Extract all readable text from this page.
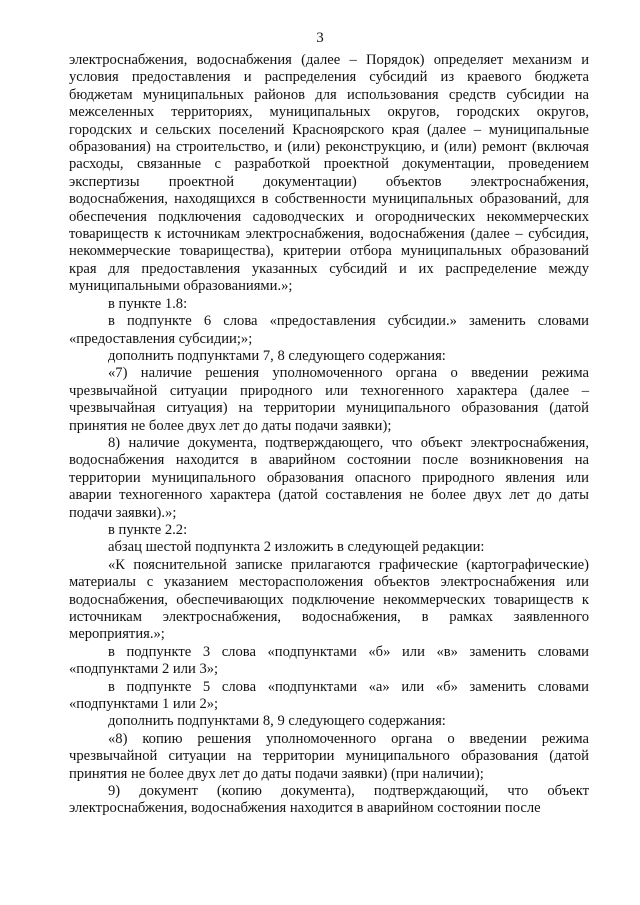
3

электроснабжения, водоснабжения (далее – Порядок) определяет механизм и условия предоставления и распределения субсидий из краевого бюджета бюджетам муниципальных районов для использования средств субсидии на межселенных территориях, муниципальных округов, городских округов, городских и сельских поселений Красноярского края (далее – муниципальные образования) на строительство, и (или) реконструкцию, и (или) ремонт (включая расходы, связанные с разработкой проектной документации, проведением экспертизы проектной документации) объектов электроснабжения, водоснабжения, находящихся в собственности муниципальных образований, для обеспечения подключения садоводческих и огороднических некоммерческих товариществ к источникам электроснабжения, водоснабжения (далее – субсидия, некоммерческие товарищества), критерии отбора муниципальных образований края для предоставления указанных субсидий и их распределение между муниципальными образованиями.»;

в пункте 1.8:

в подпункте 6 слова «предоставления субсидии.» заменить словами «предоставления субсидии;»;

дополнить подпунктами 7, 8 следующего содержания:

«7) наличие решения уполномоченного органа о введении режима чрезвычайной ситуации природного или техногенного характера (далее – чрезвычайная ситуация) на территории муниципального образования (датой принятия не более двух лет до даты подачи заявки);

8) наличие документа, подтверждающего, что объект электроснабжения, водоснабжения находится в аварийном состоянии после возникновения на территории муниципального образования опасного природного явления или аварии техногенного характера (датой составления не более двух лет до даты подачи заявки).»;

в пункте 2.2:

абзац шестой подпункта 2 изложить в следующей редакции:

«К пояснительной записке прилагаются графические (картографические) материалы с указанием месторасположения объектов электроснабжения или водоснабжения, обеспечивающих подключение некоммерческих товариществ к источникам электроснабжения, водоснабжения, в рамках заявленного мероприятия.»;

в подпункте 3 слова «подпунктами «б» или «в» заменить словами «подпунктами 2 или 3»;

в подпункте 5 слова «подпунктами «а» или «б» заменить словами «подпунктами 1 или 2»;

дополнить подпунктами 8, 9 следующего содержания:

«8) копию решения уполномоченного органа о введении режима чрезвычайной ситуации на территории муниципального образования (датой принятия не более двух лет до даты подачи заявки) (при наличии);

9) документ (копию документа), подтверждающий, что объект электроснабжения, водоснабжения находится в аварийном состоянии после
